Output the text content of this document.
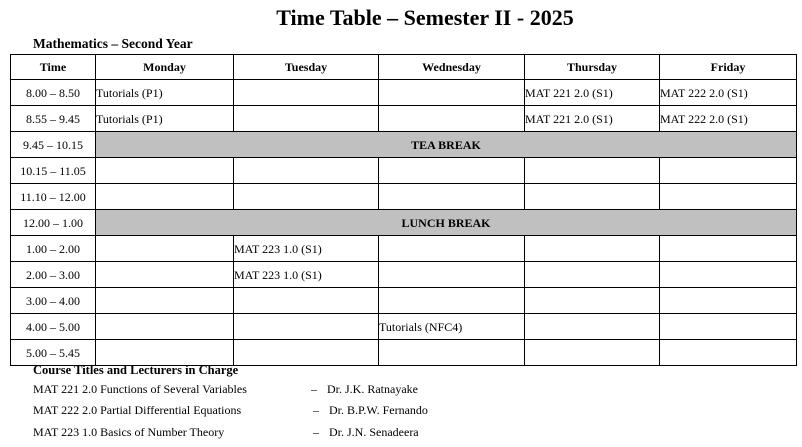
Time Table – Semester II - 2025
Mathematics – Second Year
Time	Monday	Tuesday	Wednesday	Thursday	Friday
8.00 – 8.50	Tutorials (P1)			MAT 221 2.0 (S1)	MAT 222 2.0 (S1)
8.55 – 9.45	Tutorials (P1)			MAT 221 2.0 (S1)	MAT 222 2.0 (S1)
9.45 – 10.15	TEA BREAK				
10.15 – 11.05					
11.10 – 12.00					
12.00 – 1.00	LUNCH BREAK				
1.00 – 2.00		MAT 223 1.0 (S1)			
2.00 – 3.00		MAT 223 1.0 (S1)			
3.00 – 4.00					
4.00 – 5.00			Tutorials (NFC4)		
5.00 – 5.45					
Course Titles and Lecturers in Charge
MAT 221 2.0 Functions of Several Variables	– Dr. J.K. Ratnayake
MAT 222 2.0 Partial Differential Equations	– Dr. B.P.W. Fernando
MAT 223 1.0 Basics of Number Theory	– Dr. J.N. Senadeera
